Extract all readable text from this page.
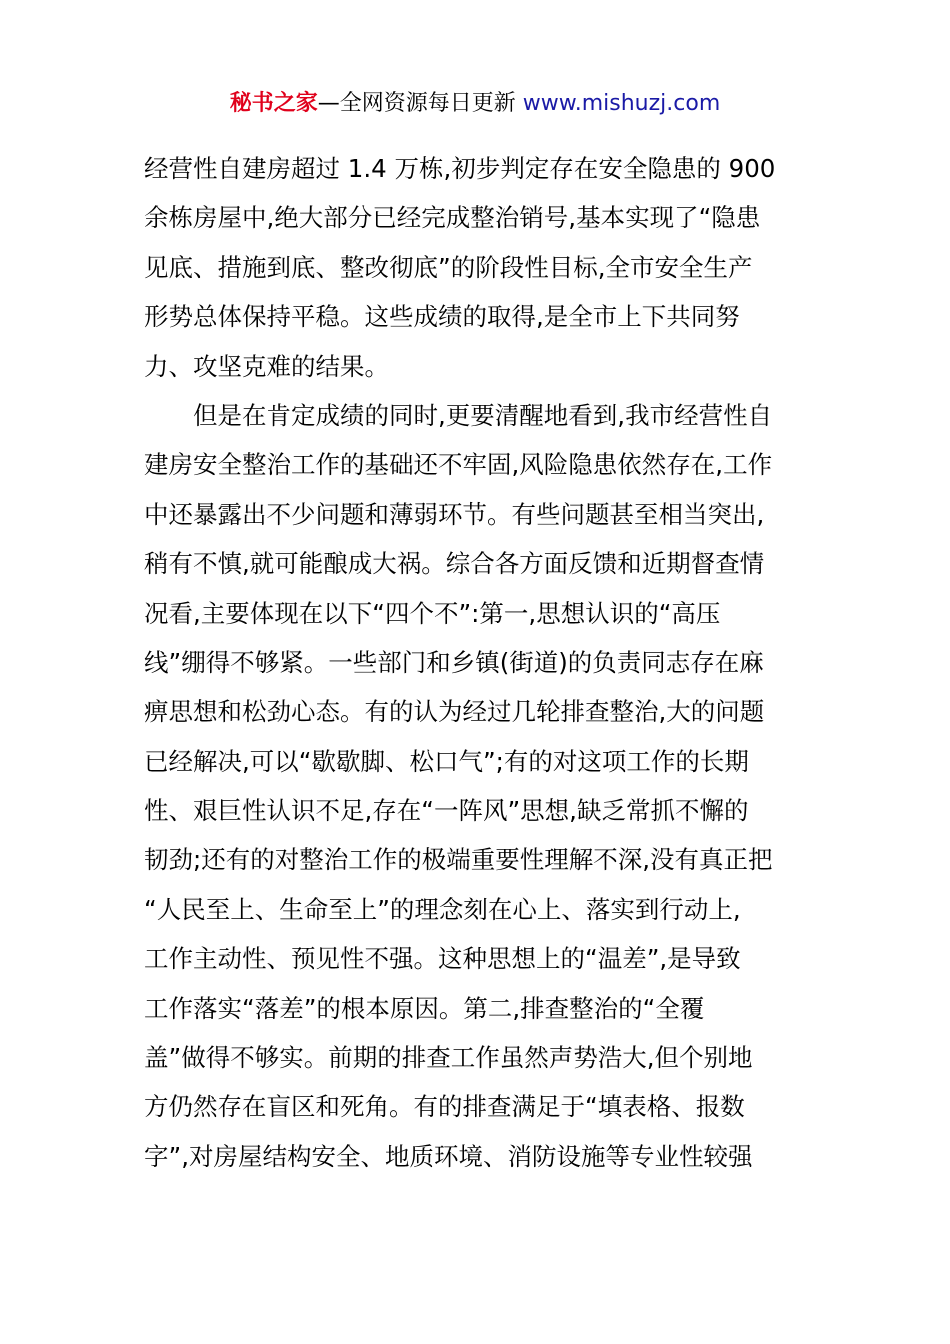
秘书之家—全网资源每日更新 www.mishuzj.com
经营性自建房超过 1.4 万栋,初步判定存在安全隐患的 900
余栋房屋中,绝大部分已经完成整治销号,基本实现了“隐患
见底、措施到底、整改彻底”的阶段性目标,全市安全生产
形势总体保持平稳。这些成绩的取得,是全市上下共同努
力、攻坚克难的结果。
　　但是在肯定成绩的同时,更要清醒地看到,我市经营性自
建房安全整治工作的基础还不牢固,风险隐患依然存在,工作
中还暴露出不少问题和薄弱环节。有些问题甚至相当突出,
稍有不慎,就可能酿成大祸。综合各方面反馈和近期督查情
况看,主要体现在以下“四个不”:第一,思想认识的“高压
线”绷得不够紧。一些部门和乡镇(街道)的负责同志存在麻
痹思想和松劲心态。有的认为经过几轮排查整治,大的问题
已经解决,可以“歇歇脚、松口气”;有的对这项工作的长期
性、艰巨性认识不足,存在“一阵风”思想,缺乏常抓不懈的
韧劲;还有的对整治工作的极端重要性理解不深,没有真正把
“人民至上、生命至上”的理念刻在心上、落实到行动上,
工作主动性、预见性不强。这种思想上的“温差”,是导致
工作落实“落差”的根本原因。第二,排查整治的“全覆
盖”做得不够实。前期的排查工作虽然声势浩大,但个别地
方仍然存在盲区和死角。有的排查满足于“填表格、报数
字”,对房屋结构安全、地质环境、消防设施等专业性较强
